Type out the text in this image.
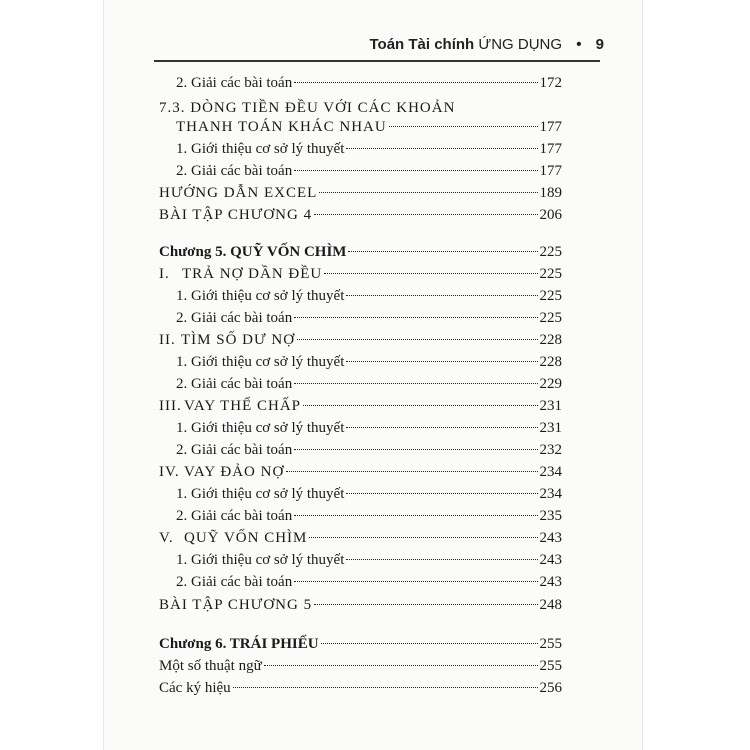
Toán Tài chính ỨNG DỤNG • 9
2. Giải các bài toán	172
7.3. DÒNG TIỀN ĐỀU VỚI CÁC KHOẢN
THANH TOÁN KHÁC NHAU	177
1. Giới thiệu cơ sở lý thuyết	177
2. Giải các bài toán	177
HƯỚNG DẪN EXCEL	189
BÀI TẬP CHƯƠNG 4	206
Chương 5. QUỸ VỐN CHÌM	225
I. TRẢ NỢ DẦN ĐỀU	225
1. Giới thiệu cơ sở lý thuyết	225
2. Giải các bài toán	225
II. TÌM SỐ DƯ NỢ	228
1. Giới thiệu cơ sở lý thuyết	228
2. Giải các bài toán	229
III. VAY THẾ CHẤP	231
1. Giới thiệu cơ sở lý thuyết	231
2. Giải các bài toán	232
IV. VAY ĐẢO NỢ	234
1. Giới thiệu cơ sở lý thuyết	234
2. Giải các bài toán	235
V. QUỸ VỐN CHÌM	243
1. Giới thiệu cơ sở lý thuyết	243
2. Giải các bài toán	243
BÀI TẬP CHƯƠNG 5	248
Chương 6. TRÁI PHIẾU	255
Một số thuật ngữ	255
Các ký hiệu	256
